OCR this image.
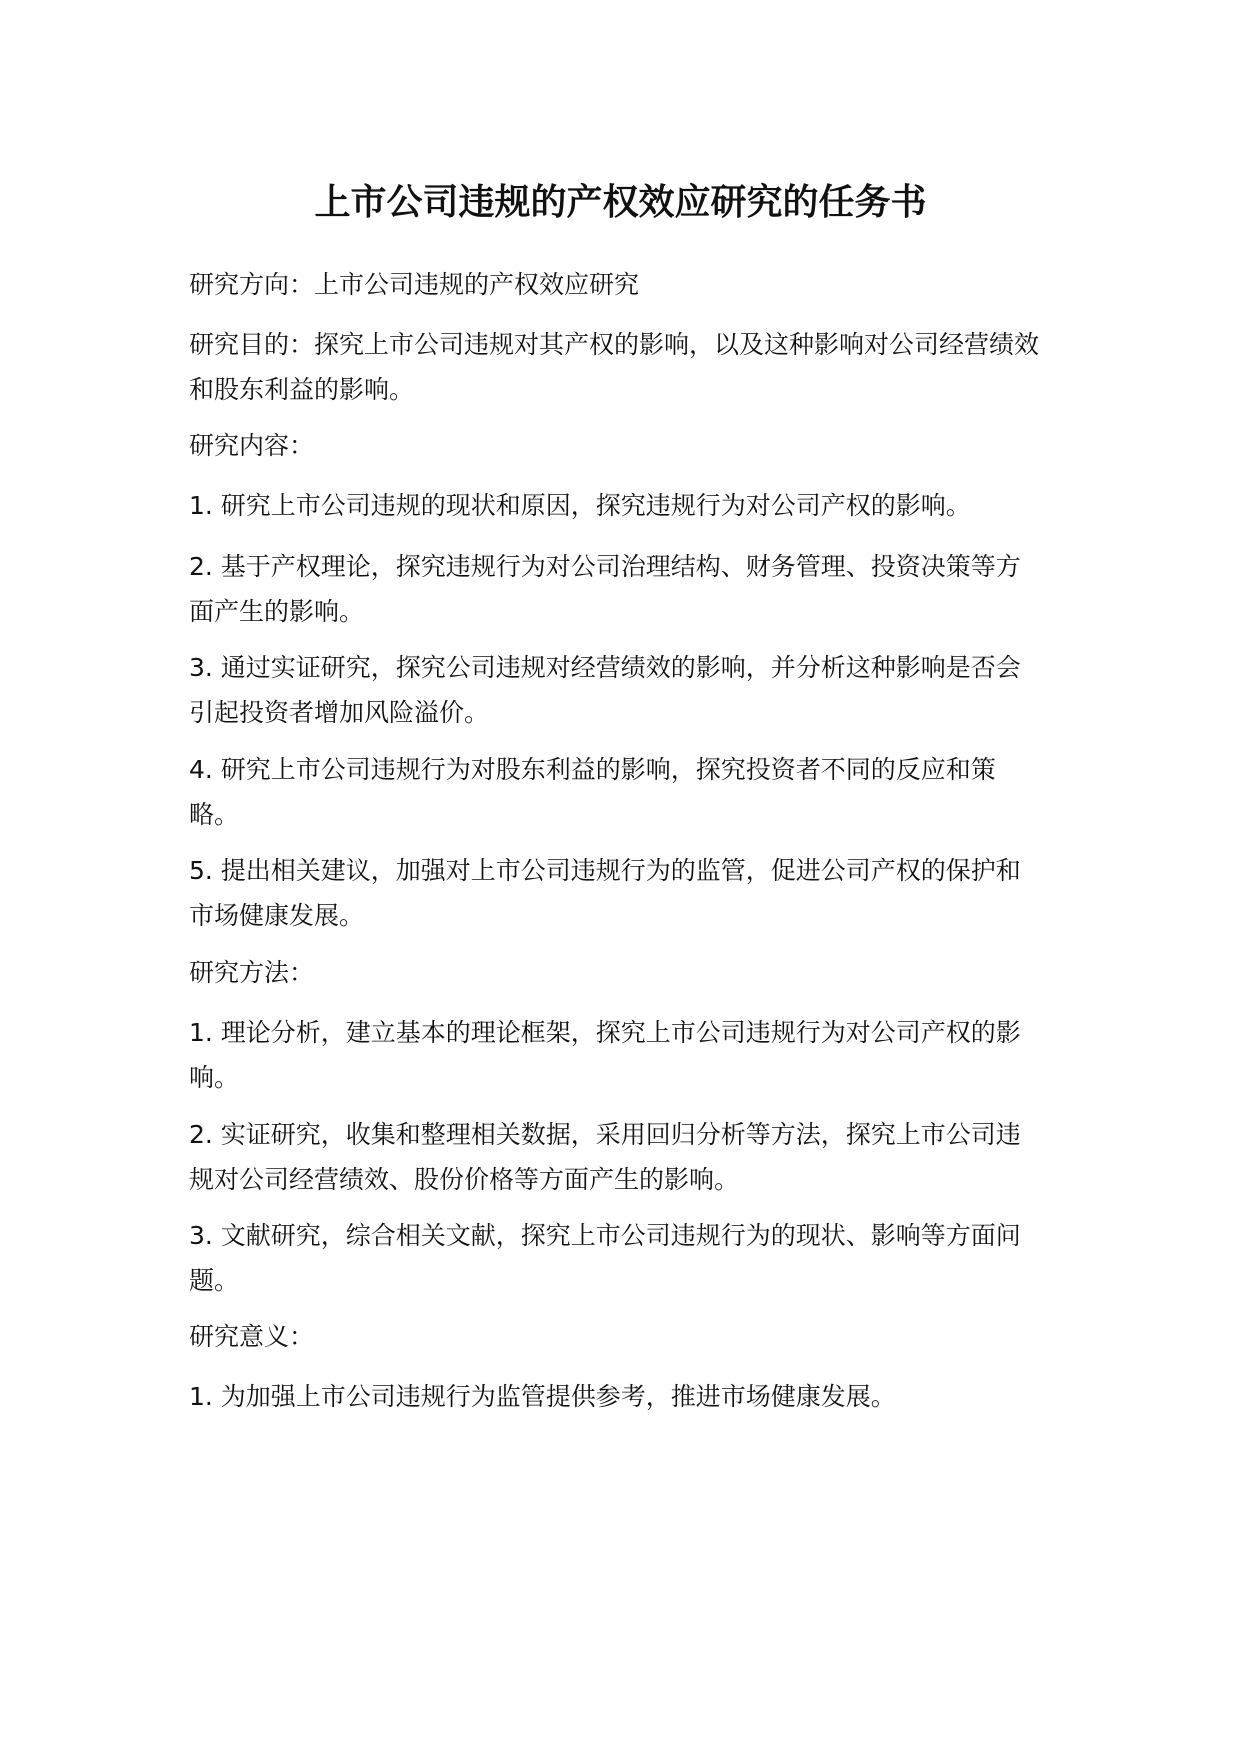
上市公司违规的产权效应研究的任务书

研究方向：上市公司违规的产权效应研究

研究目的：探究上市公司违规对其产权的影响，以及这种影响对公司经营绩效和股东利益的影响。

研究内容：

1. 研究上市公司违规的现状和原因，探究违规行为对公司产权的影响。

2. 基于产权理论，探究违规行为对公司治理结构、财务管理、投资决策等方面产生的影响。

3. 通过实证研究，探究公司违规对经营绩效的影响，并分析这种影响是否会引起投资者增加风险溢价。

4. 研究上市公司违规行为对股东利益的影响，探究投资者不同的反应和策略。

5. 提出相关建议，加强对上市公司违规行为的监管，促进公司产权的保护和市场健康发展。

研究方法：

1. 理论分析，建立基本的理论框架，探究上市公司违规行为对公司产权的影响。

2. 实证研究，收集和整理相关数据，采用回归分析等方法，探究上市公司违规对公司经营绩效、股份价格等方面产生的影响。

3. 文献研究，综合相关文献，探究上市公司违规行为的现状、影响等方面问题。

研究意义：

1. 为加强上市公司违规行为监管提供参考，推进市场健康发展。
